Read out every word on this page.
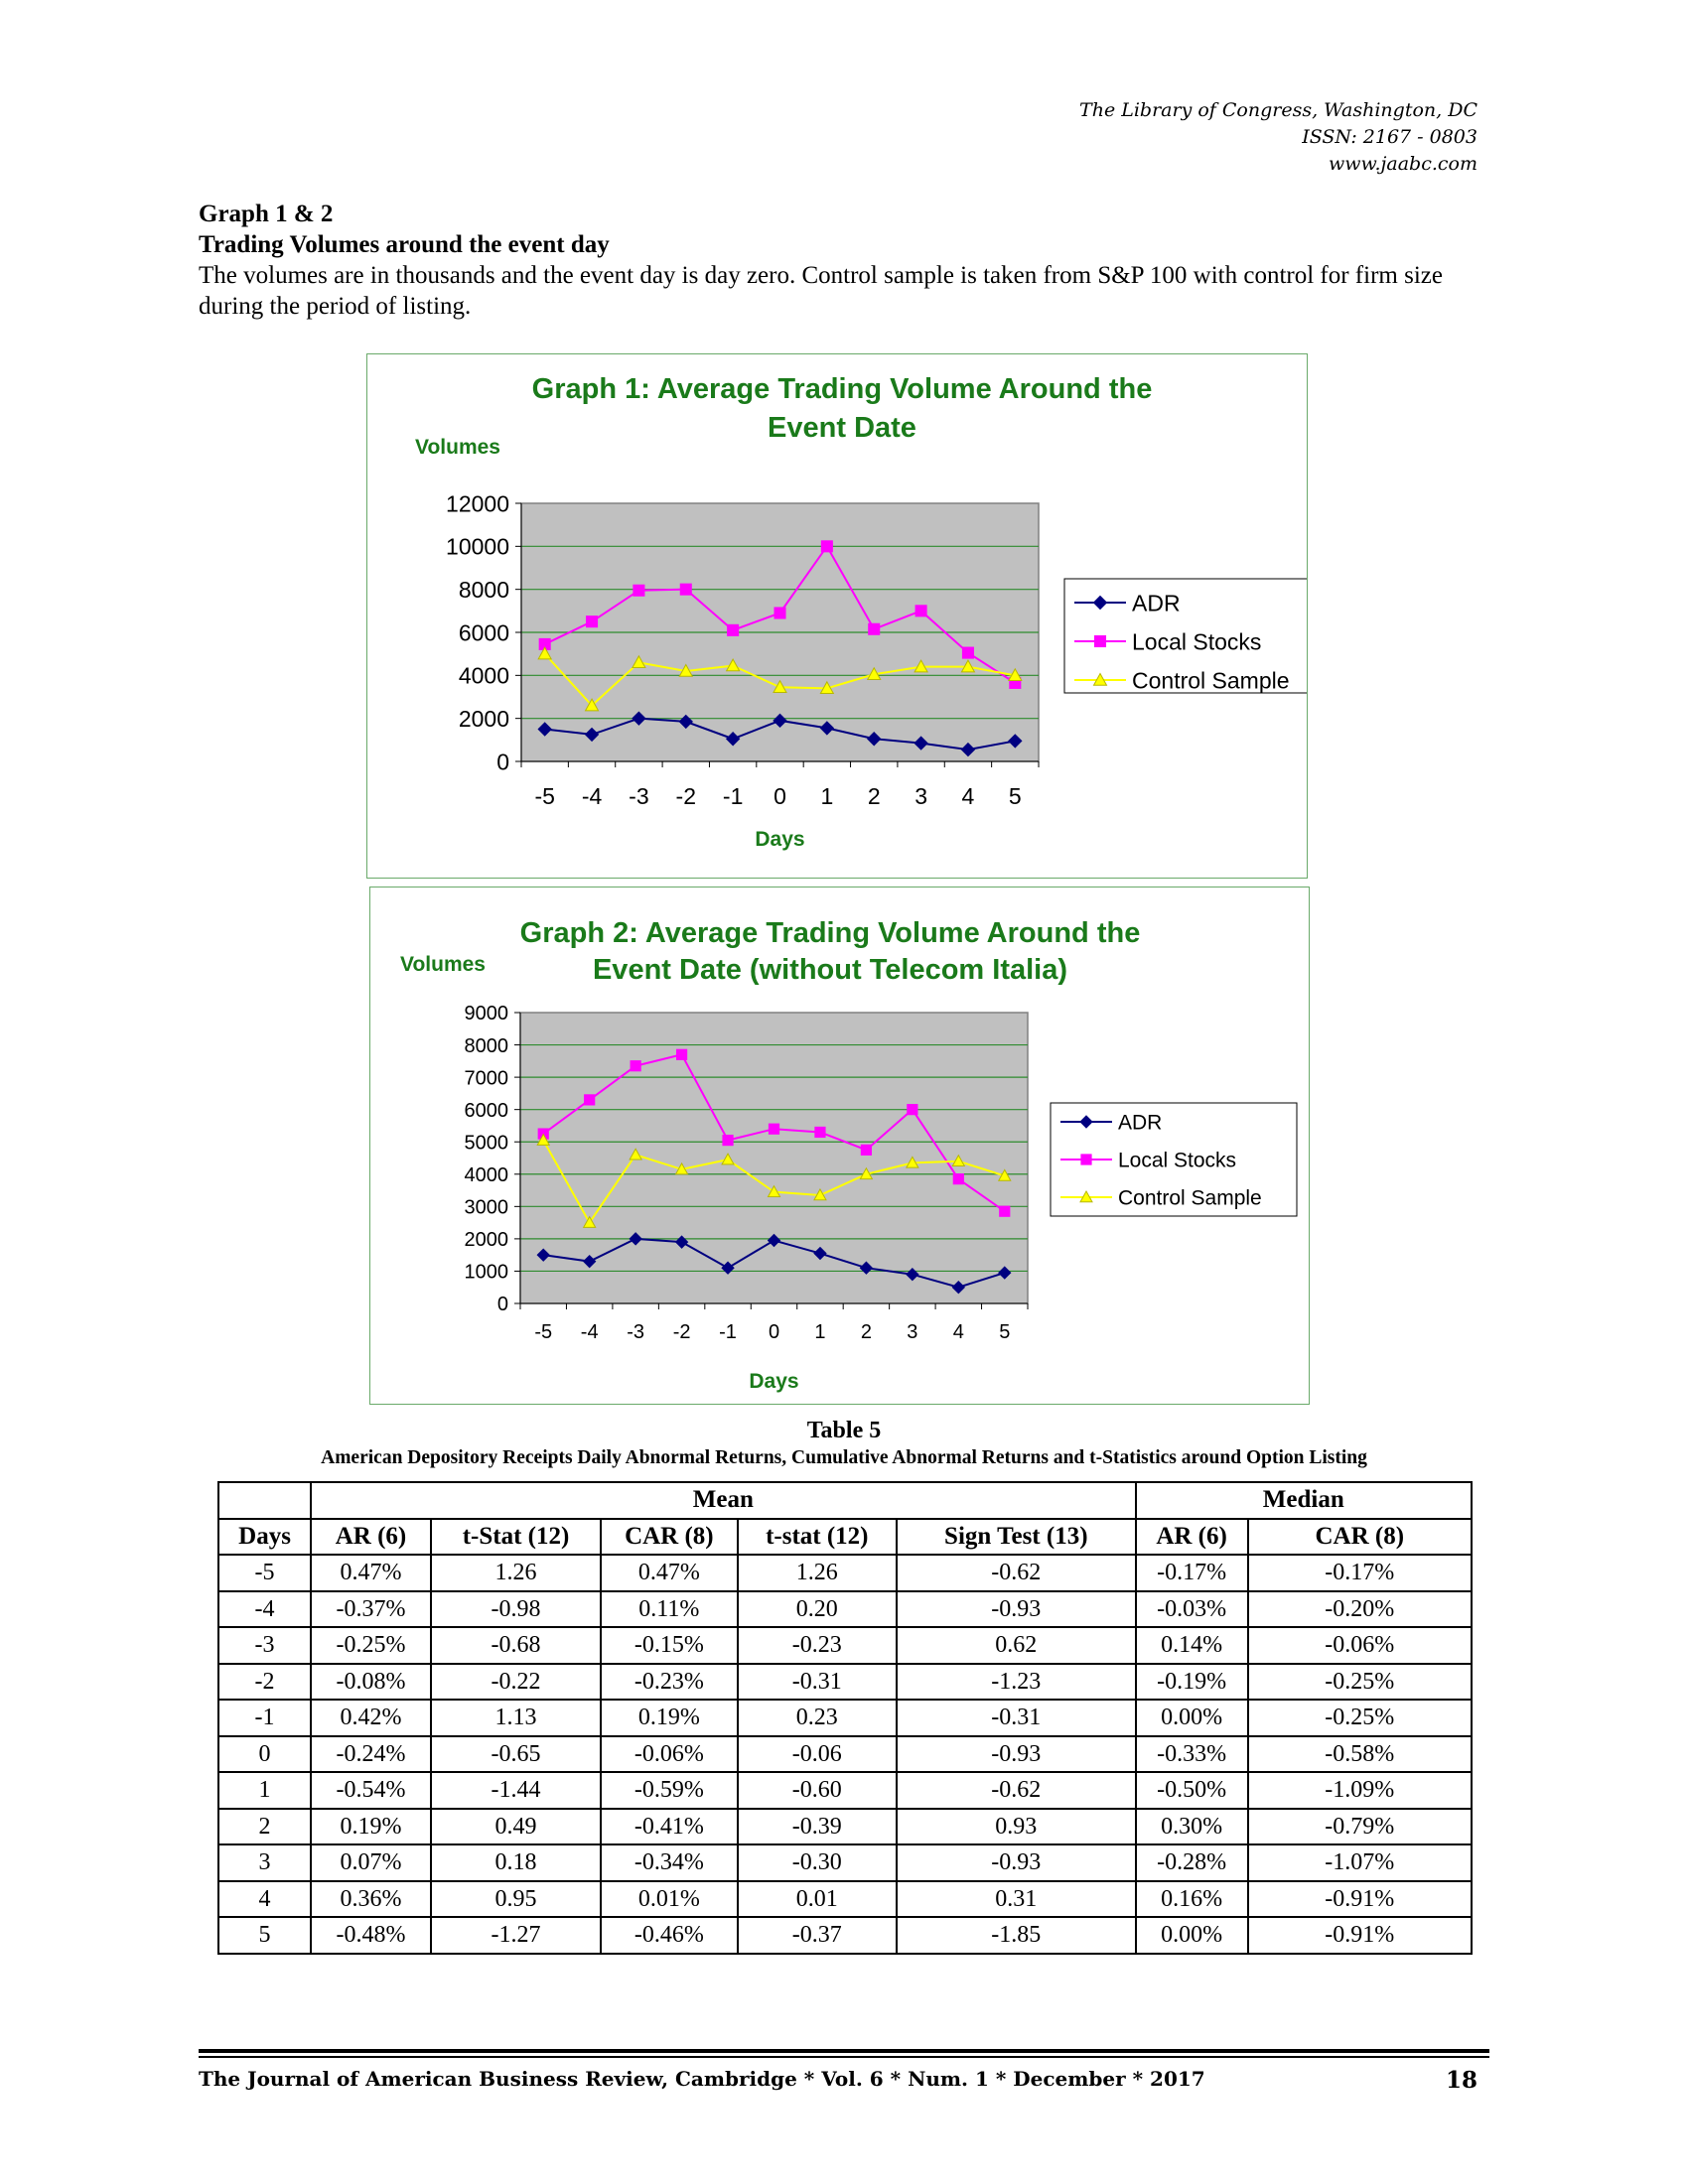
The Library of Congress, Washington, DC
ISSN: 2167 - 0803
www.jaabc.com
Graph 1 & 2
Trading Volumes around the event day
The volumes are in thousands and the event day is day zero. Control sample is taken from S&P 100 with control for firm size during the period of listing.
Graph 1: Average Trading Volume Around the
Event Date
Volumes
0
2000
4000
6000
8000
10000
12000
-5 -4 -3 -2 -1 0 1 2 3 4 5
Days
ADR
Local Stocks
Control Sample
Graph 2: Average Trading Volume Around the
Event Date (without Telecom Italia)
Volumes
0
1000
2000
3000
4000
5000
6000
7000
8000
9000
-5 -4 -3 -2 -1 0 1 2 3 4 5
Days
ADR
Local Stocks
Control Sample
Table 5
American Depository Receipts Daily Abnormal Returns, Cumulative Abnormal Returns and t-Statistics around Option Listing
	Mean					Median	
Days	AR (6)	t-Stat (12)	CAR (8)	t-stat (12)	Sign Test (13)	AR (6)	CAR (8)
-5	0.47%	1.26	0.47%	1.26	-0.62	-0.17%	-0.17%
-4	-0.37%	-0.98	0.11%	0.20	-0.93	-0.03%	-0.20%
-3	-0.25%	-0.68	-0.15%	-0.23	0.62	0.14%	-0.06%
-2	-0.08%	-0.22	-0.23%	-0.31	-1.23	-0.19%	-0.25%
-1	0.42%	1.13	0.19%	0.23	-0.31	0.00%	-0.25%
0	-0.24%	-0.65	-0.06%	-0.06	-0.93	-0.33%	-0.58%
1	-0.54%	-1.44	-0.59%	-0.60	-0.62	-0.50%	-1.09%
2	0.19%	0.49	-0.41%	-0.39	0.93	0.30%	-0.79%
3	0.07%	0.18	-0.34%	-0.30	-0.93	-0.28%	-1.07%
4	0.36%	0.95	0.01%	0.01	0.31	0.16%	-0.91%
5	-0.48%	-1.27	-0.46%	-0.37	-1.85	0.00%	-0.91%
The Journal of American Business Review, Cambridge * Vol. 6 * Num. 1 * December * 2017	18
